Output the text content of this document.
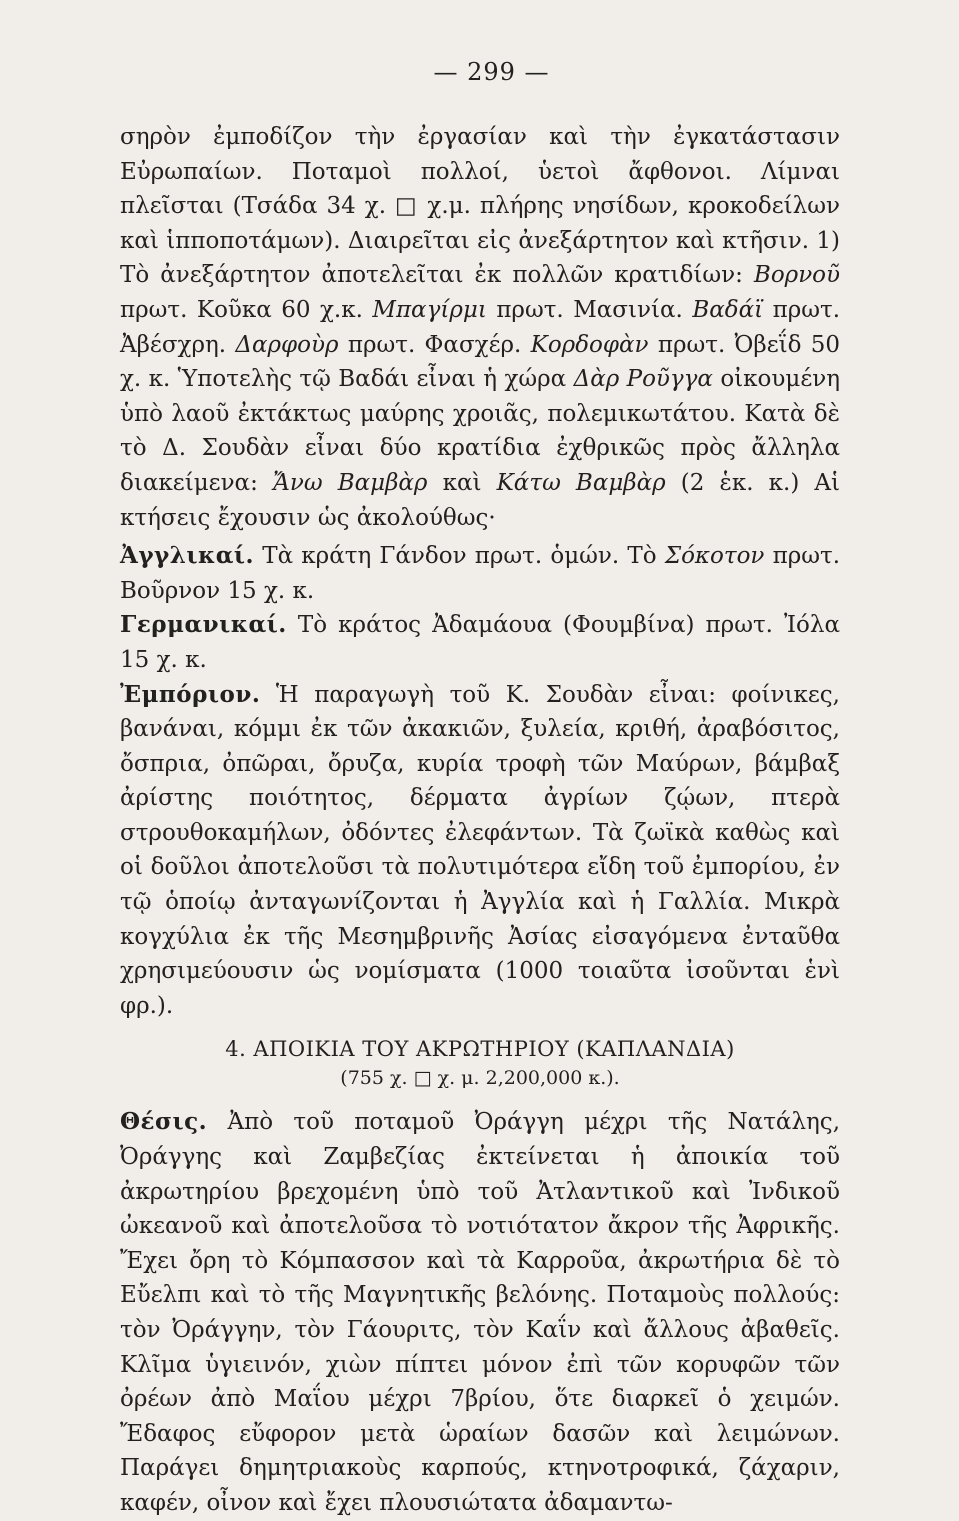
— 299 —

σηρὸν ἐμποδίζον τὴν ἐργασίαν καὶ τὴν ἐγκατάστασιν Εὐρωπαίων. Ποταμοὶ πολλοί, ὑετοὶ ἄφθονοι. Λίμναι πλεῖσται (Τσάδα 34 χ. □ χ.μ. πλήρης νησίδων, κροκοδείλων καὶ ἱπποποτάμων). Διαιρεῖται εἰς ἀνεξάρτητον καὶ κτῆσιν. 1) Τὸ ἀνεξάρτητον ἀποτελεῖται ἐκ πολλῶν κρατιδίων: Βορνοῦ πρωτ. Κοῦκα 60 χ.κ. Μπαγίρμι πρωτ. Μασινία. Βαδάϊ πρωτ. Ἀβέσχρη. Δαρφοὺρ πρωτ. Φασχέρ. Κορδοφὰν πρωτ. Ὀβεΐδ 50 χ. κ. Ὑποτελὴς τῷ Βαδάι εἶναι ἡ χώρα Δὰρ Ροῦγγα οἰκουμένη ὑπὸ λαοῦ ἐκτάκτως μαύρης χροιᾶς, πολεμικωτάτου. Κατὰ δὲ τὸ Δ. Σουδὰν εἶναι δύο κρατίδια ἐχθρικῶς πρὸς ἄλληλα διακείμενα: Ἄνω Βαμβὰρ καὶ Κάτω Βαμβὰρ (2 ἑκ. κ.) Αἱ κτήσεις ἔχουσιν ὡς ἀκολούθως·

Ἀγγλικαί. Τὰ κράτη Γάνδον πρωτ. ὁμών. Τὸ Σόκοτον πρωτ. Βοῦρνον 15 χ. κ.

Γερμανικαί. Τὸ κράτος Ἀδαμάουα (Φουμβίνα) πρωτ. Ἰόλα 15 χ. κ.

Ἐμπόριον. Ἡ παραγωγὴ τοῦ Κ. Σουδὰν εἶναι: φοίνικες, βανάναι, κόμμι ἐκ τῶν ἀκακιῶν, ξυλεία, κριθή, ἀραβόσιτος, ὄσπρια, ὀπῶραι, ὄρυζα, κυρία τροφὴ τῶν Μαύρων, βάμβαξ ἀρίστης ποιότητος, δέρματα ἀγρίων ζῴων, πτερὰ στρουθοκαμήλων, ὀδόντες ἐλεφάντων. Τὰ ζωϊκὰ καθὼς καὶ οἱ δοῦλοι ἀποτελοῦσι τὰ πολυτιμότερα εἴδη τοῦ ἐμπορίου, ἐν τῷ ὁποίῳ ἀνταγωνίζονται ἡ Ἀγγλία καὶ ἡ Γαλλία. Μικρὰ κογχύλια ἐκ τῆς Μεσημβρινῆς Ἀσίας εἰσαγόμενα ἐνταῦθα χρησιμεύουσιν ὡς νομίσματα (1000 τοιαῦτα ἰσοῦνται ἑνὶ φρ.).

4. ΑΠΟΙΚΙΑ ΤΟΥ ΑΚΡΩΤΗΡΙΟΥ (ΚΑΠΛΑΝΔΙΑ)
(755 χ. □ χ. μ. 2,200,000 κ.).

Θέσις. Ἀπὸ τοῦ ποταμοῦ Ὀράγγη μέχρι τῆς Νατάλης, Ὀράγγης καὶ Ζαμβεζίας ἐκτείνεται ἡ ἀποικία τοῦ ἀκρωτηρίου βρεχομένη ὑπὸ τοῦ Ἀτλαντικοῦ καὶ Ἰνδικοῦ ὠκεανοῦ καὶ ἀποτελοῦσα τὸ νοτιότατον ἄκρον τῆς Ἀφρικῆς. Ἔχει ὄρη τὸ Κόμπασσον καὶ τὰ Καρροῦα, ἀκρωτήρια δὲ τὸ Εὔελπι καὶ τὸ τῆς Μαγνητικῆς βελόνης. Ποταμοὺς πολλούς: τὸν Ὀράγγην, τὸν Γάουριτς, τὸν Καΐν καὶ ἄλλους ἀβαθεῖς. Κλῖμα ὑγιεινόν, χιὼν πίπτει μόνον ἐπὶ τῶν κορυφῶν τῶν ὀρέων ἀπὸ Μαΐου μέχρι 7βρίου, ὅτε διαρκεῖ ὁ χειμών. Ἔδαφος εὔφορον μετὰ ὡραίων δασῶν καὶ λειμώνων. Παράγει δημητριακοὺς καρπούς, κτηνοτροφικά, ζάχαριν, καφέν, οἶνον καὶ ἔχει πλουσιώτατα ἀδαμαντω-
